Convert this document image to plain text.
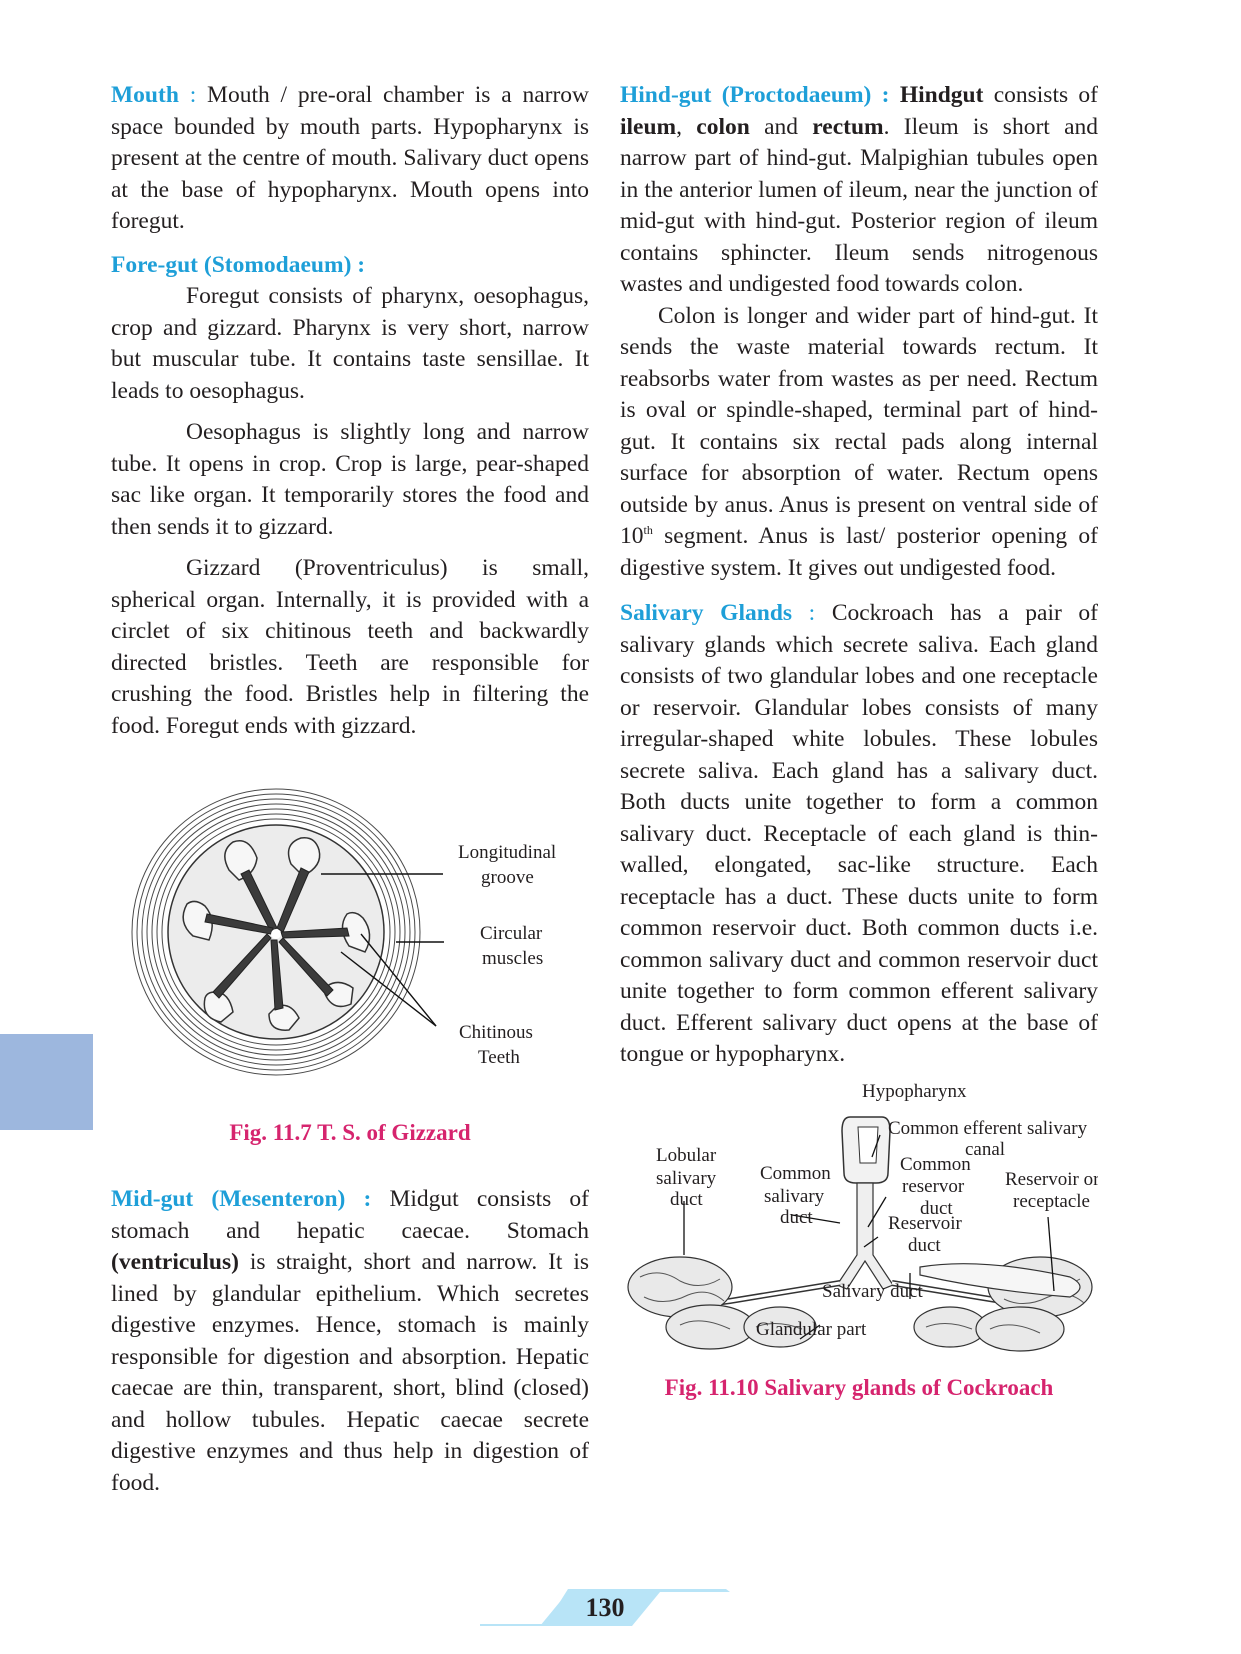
Mouth : Mouth / pre-oral chamber is a narrow space bounded by mouth parts. Hypopharynx is present at the centre of mouth. Salivary duct opens at the base of hypopharynx. Mouth opens into foregut.

Fore-gut (Stomodaeum) :

Foregut consists of pharynx, oesophagus, crop and gizzard. Pharynx is very short, narrow but muscular tube. It contains taste sensillae. It leads to oesophagus.

Oesophagus is slightly long and narrow tube. It opens in crop. Crop is large, pear-shaped sac like organ. It temporarily stores the food and then sends it to gizzard.

Gizzard (Proventriculus) is small, spherical organ. Internally, it is provided with a circlet of six chitinous teeth and backwardly directed bristles. Teeth are responsible for crushing the food. Bristles help in filtering the food. Foregut ends with gizzard.

Longitudinal
groove
Circular
muscles
Chitinous
Teeth

Fig. 11.7 T. S. of Gizzard

Mid-gut (Mesenteron) : Midgut consists of stomach and hepatic caecae. Stomach (ventriculus) is straight, short and narrow. It is lined by glandular epithelium. Which secretes digestive enzymes. Hence, stomach is mainly responsible for digestion and absorption. Hepatic caecae are thin, transparent, short, blind (closed) and hollow tubules. Hepatic caecae secrete digestive enzymes and thus help in digestion of food.

Hind-gut (Proctodaeum) : Hindgut consists of ileum, colon and rectum. Ileum is short and narrow part of hind-gut. Malpighian tubules open in the anterior lumen of ileum, near the junction of mid-gut with hind-gut. Posterior region of ileum contains sphincter. Ileum sends nitrogenous wastes and undigested food towards colon.

Colon is longer and wider part of hind-gut. It sends the waste material towards rectum. It reabsorbs water from wastes as per need. Rectum is oval or spindle-shaped, terminal part of hind-gut. It contains six rectal pads along internal surface for absorption of water. Rectum opens outside by anus. Anus is present on ventral side of 10th segment. Anus is last/ posterior opening of digestive system. It gives out undigested food.

Salivary Glands : Cockroach has a pair of salivary glands which secrete saliva. Each gland consists of two glandular lobes and one receptacle or reservoir. Glandular lobes consists of many irregular-shaped white lobules. These lobules secrete saliva. Each gland has a salivary duct. Both ducts unite together to form a common salivary duct. Receptacle of each gland is thin-walled, elongated, sac-like structure. Each receptacle has a duct. These ducts unite to form common reservoir duct. Both common ducts i.e. common salivary duct and common reservoir duct unite together to form common efferent salivary duct. Efferent salivary duct opens at the base of tongue or hypopharynx.

Hypopharynx
Common efferent salivary
canal
Lobular
salivary
duct
Common
salivary
duct
Common
reservor
duct
Reservoir or
receptacle
Reservoir
duct
Salivary duct
Glandular part

Fig. 11.10 Salivary glands of Cockroach

130
